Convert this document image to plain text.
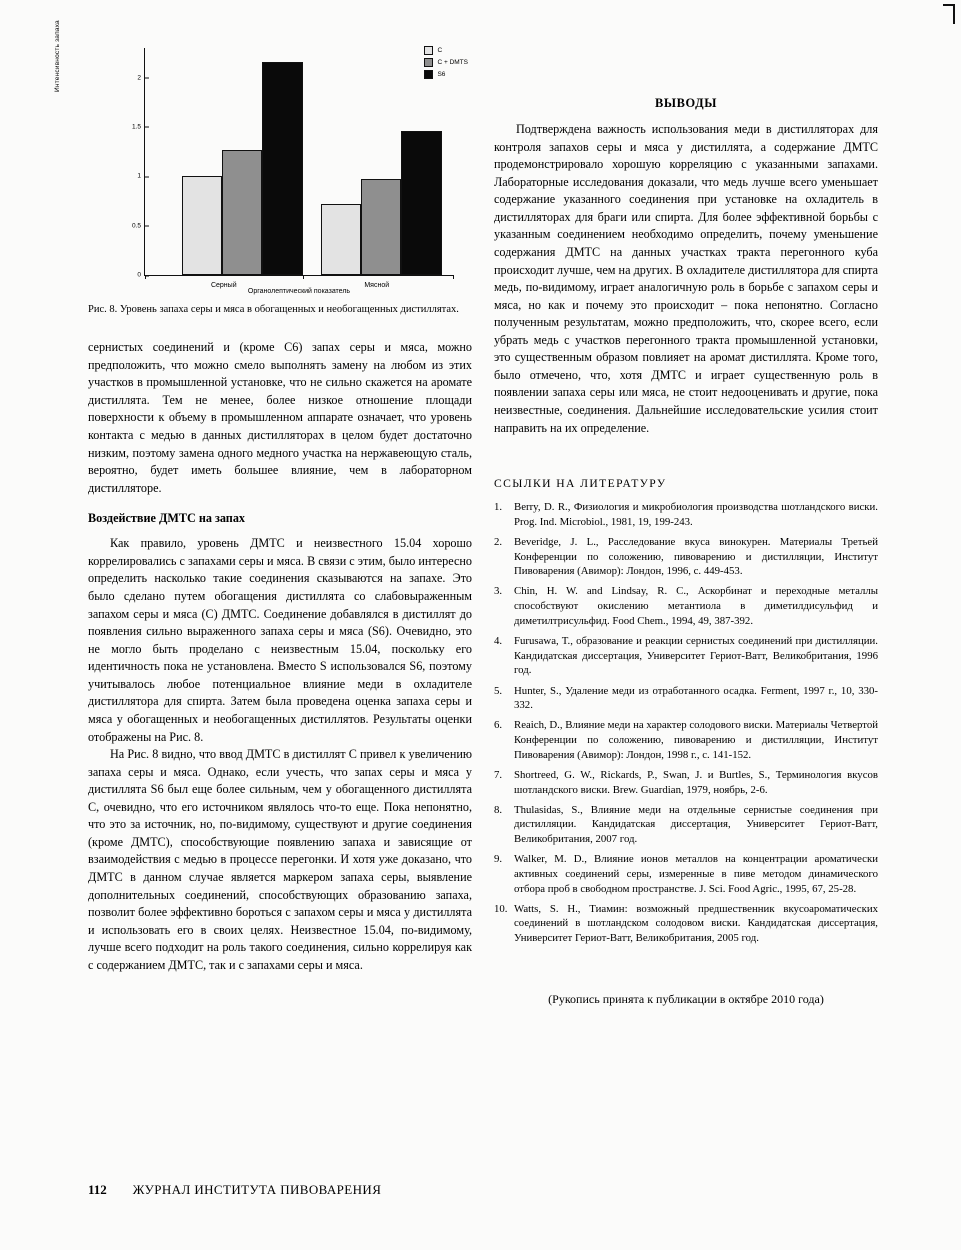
Интенсивность запаха
0
0.5
1
1.5
2
Серный	Мясной
C
C + DMTS
S6
Органолептический показатель
Рис. 8. Уровень запаха серы и мяса в обогащенных и необогащенных дистиллятах.

сернистых соединений и (кроме С6) запах серы и мяса, можно предположить, что можно смело выполнять замену на любом из этих участков в промышленной установке, что не сильно скажется на аромате дистиллята. Тем не менее, более низкое отношение площади поверхности к объему в промышленном аппарате означает, что уровень контакта с медью в данных дистилляторах в целом будет достаточно низким, поэтому замена одного медного участка на нержавеющую сталь, вероятно, будет иметь большее влияние, чем в лабораторном дистилляторе.

Воздействие ДМТС на запах

Как правило, уровень ДМТС и неизвестного 15.04 хорошо коррелировались с запахами серы и мяса. В связи с этим, было интересно определить насколько такие соединения сказываются на запахе. Это было сделано путем обогащения дистиллята со слабовыраженным запахом серы и мяса (С) ДМТС. Соединение добавлялся в дистиллят до появления сильно выраженного запаха серы и мяса (S6). Очевидно, это не могло быть проделано с неизвестным 15.04, поскольку его идентичность пока не установлена. Вместо S использовался S6, поэтому учитывалось любое потенциальное влияние меди в охладителе дистиллятора для спирта. Затем была проведена оценка запаха серы и мяса у обогащенных и необогащенных дистиллятов. Результаты оценки отображены на Рис. 8.

На Рис. 8 видно, что ввод ДМТС в дистиллят С привел к увеличению запаха серы и мяса. Однако, если учесть, что запах серы и мяса у дистиллята S6 был еще более сильным, чем у обогащенного дистиллята С, очевидно, что его источником являлось что-то еще. Пока непонятно, что это за источник, но, по-видимому, существуют и другие соединения (кроме ДМТС), способствующие появлению запаха и зависящие от взаимодействия с медью в процессе перегонки. И хотя уже доказано, что ДМТС в данном случае является маркером запаха серы, выявление дополнительных соединений, способствующих образованию запаха, позволит более эффективно бороться с запахом серы и мяса у дистиллята и использовать его в своих целях. Неизвестное 15.04, по-видимому, лучше всего подходит на роль такого соединения, сильно коррелируя как с содержанием ДМТС, так и с запахами серы и мяса.

ВЫВОДЫ

Подтверждена важность использования меди в дистилляторах для контроля запахов серы и мяса у дистиллята, а содержание ДМТС продемонстрировало хорошую корреляцию с указанными запахами. Лабораторные исследования доказали, что медь лучше всего уменьшает содержание указанного соединения при установке на охладитель в дистилляторах для браги или спирта. Для более эффективной борьбы с указанным соединением необходимо определить, почему уменьшение содержания ДМТС на данных участках тракта перегонного куба происходит лучше, чем на других. В охладителе дистиллятора для спирта медь, по-видимому, играет аналогичную роль в борьбе с запахом серы и мяса, но как и почему это происходит – пока непонятно. Согласно полученным результатам, можно предположить, что, скорее всего, если убрать медь с участков перегонного тракта промышленной установки, это существенным образом повлияет на аромат дистиллята. Кроме того, было отмечено, что, хотя ДМТС и играет существенную роль в появлении запаха серы или мяса, не стоит недооценивать и другие, пока неизвестные, соединения. Дальнейшие исследовательские усилия стоит направить на их определение.

ССЫЛКИ НА ЛИТЕРАТУРУ
1.	Berry, D. R., Физиология и микробиология производства шотландского виски. Prog. Ind. Microbiol., 1981, 19, 199-243.
2.	Beveridge, J. L., Расследование вкуса винокурен. Материалы Третьей Конференции по соложению, пивоварению и дистилляции, Институт Пивоварения (Авимор): Лондон, 1996, с. 449-453.
3.	Chin, H. W. and Lindsay, R. C., Аскорбинат и переходные металлы способствуют окислению метантиола в диметилдисульфид и диметилтрисульфид. Food Chem., 1994, 49, 387-392.
4.	Furusawa, T., образование и реакции сернистых соединений при дистилляции. Кандидатская диссертация, Университет Гериот-Ватт, Великобритания, 1996 год.
5.	Hunter, S., Удаление меди из отработанного осадка. Ferment, 1997 г., 10, 330-332.
6.	Reaich, D., Влияние меди на характер солодового виски. Материалы Четвертой Конференции по соложению, пивоварению и дистилляции, Институт Пивоварения (Авимор): Лондон, 1998 г., с. 141-152.
7.	Shortreed, G. W., Rickards, P., Swan, J. и Burtles, S., Терминология вкусов шотландского виски. Brew. Guardian, 1979, ноябрь, 2-6.
8.	Thulasidas, S., Влияние меди на отдельные сернистые соединения при дистилляции. Кандидатская диссертация, Университет Гериот-Ватт, Великобритания, 2007 год.
9.	Walker, M. D., Влияние ионов металлов на концентрации ароматически активных соединений серы, измеренные в пиве методом динамического отбора проб в свободном пространстве. J. Sci. Food Agric., 1995, 67, 25-28.
10. Watts, S. H., Тиамин: возможный предшественник вкусоароматических соединений в шотландском солодовом виски. Кандидатская диссертация, Университет Гериот-Ватт, Великобритания, 2005 год.
(Рукопись принята к публикации в октябре 2010 года)
112 ЖУРНАЛ ИНСТИТУТА ПИВОВАРЕНИЯ
